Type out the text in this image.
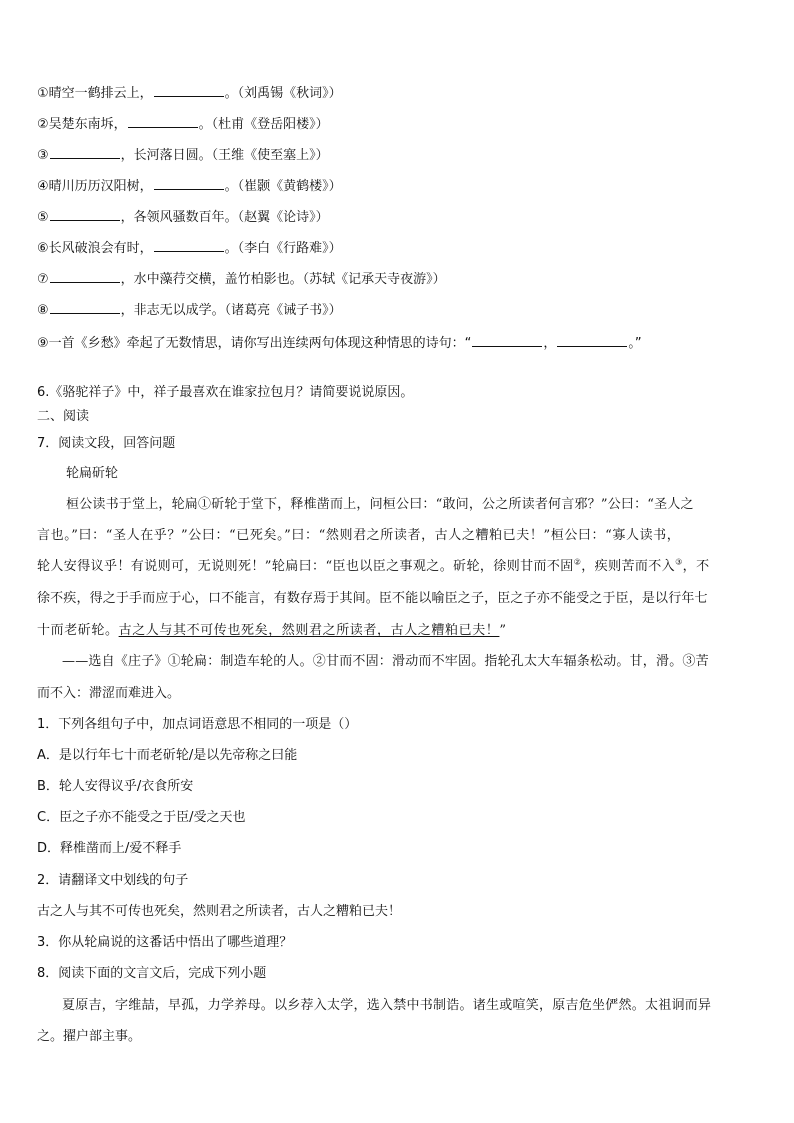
①晴空一鹤排云上，	。（刘禹锡《秋词》）
②吴楚东南坼，	。（杜甫《登岳阳楼》）
③	，长河落日圆。（王维《使至塞上》）
④晴川历历汉阳树，	。（崔颢《黄鹤楼》）
⑤	，各领风骚数百年。（赵翼《论诗》）
⑥长风破浪会有时，	。（李白《行路难》）
⑦	，水中藻荇交横，盖竹柏影也。（苏轼《记承天寺夜游》）
⑧	，非志无以成学。（诸葛亮《诫子书》）
⑨一首《乡愁》牵起了无数情思，请你写出连续两句体现这种情思的诗句：“	，	。”
6.《骆驼祥子》中，祥子最喜欢在谁家拉包月？请简要说说原因。
二、阅读
7．阅读文段，回答问题
轮扁斫轮
桓公读书于堂上，轮扁①斫轮于堂下，释椎凿而上，问桓公曰：“敢问，公之所读者何言邪？”公曰：“圣人之
言也。”曰：“圣人在乎？”公曰：“已死矣。”曰：“然则君之所读者，古人之糟粕已夫！”桓公曰：“寡人读书，
轮人安得议乎！有说则可，无说则死！”轮扁曰：“臣也以臣之事观之。斫轮，徐则甘而不固②，疾则苦而不入③，不
徐不疾，得之于手而应于心，口不能言，有数存焉于其间。臣不能以喻臣之子，臣之子亦不能受之于臣，是以行年七
十而老斫轮。古之人与其不可传也死矣，然则君之所读者，古人之糟粕已夫！”
——选自《庄子》①轮扁：制造车轮的人。②甘而不固：滑动而不牢固。指轮孔太大车辐条松动。甘，滑。③苦
而不入：滞涩而难进入。
1．下列各组句子中，加点词语意思不相同的一项是（）
A．是以行年七十而老斫轮/是以先帝称之曰能
B．轮人安得议乎/衣食所安
C．臣之子亦不能受之于臣/受之天也
D．释椎凿而上/爱不释手
2．请翻译文中划线的句子
古之人与其不可传也死矣，然则君之所读者，古人之糟粕已夫！
3．你从轮扁说的这番话中悟出了哪些道理？
8．阅读下面的文言文后，完成下列小题
夏原吉，字维喆，早孤，力学养母。以乡荐入太学，选入禁中书制诰。诸生或喧笑，原吉危坐俨然。太祖诇而异
之。擢户部主事。
